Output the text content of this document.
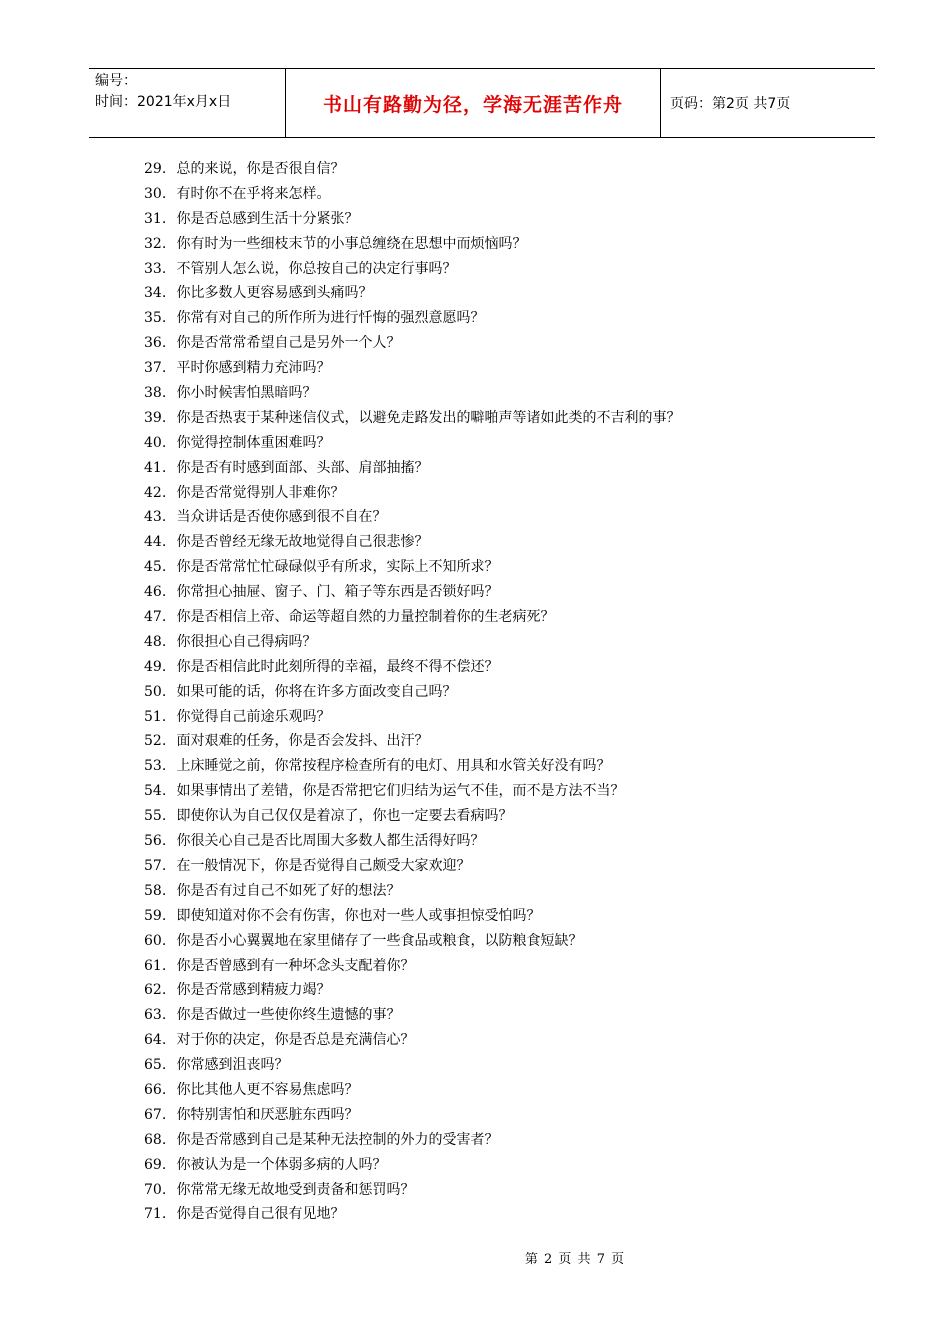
编号：
时间：2021年x月x日	书山有路勤为径，学海无涯苦作舟	页码：第2页 共7页
29. 总的来说，你是否很自信？
30. 有时你不在乎将来怎样。
31. 你是否总感到生活十分紧张？
32. 你有时为一些细枝末节的小事总缠绕在思想中而烦恼吗？
33. 不管别人怎么说，你总按自己的决定行事吗？
34. 你比多数人更容易感到头痛吗？
35. 你常有对自己的所作所为进行忏悔的强烈意愿吗？
36. 你是否常常希望自己是另外一个人？
37. 平时你感到精力充沛吗？
38. 你小时候害怕黑暗吗？
39. 你是否热衷于某种迷信仪式，以避免走路发出的噼啪声等诸如此类的不吉利的事？
40. 你觉得控制体重困难吗？
41. 你是否有时感到面部、头部、肩部抽搐？
42. 你是否常觉得别人非难你？
43. 当众讲话是否使你感到很不自在？
44. 你是否曾经无缘无故地觉得自己很悲惨？
45. 你是否常常忙忙碌碌似乎有所求，实际上不知所求？
46. 你常担心抽屉、窗子、门、箱子等东西是否锁好吗？
47. 你是否相信上帝、命运等超自然的力量控制着你的生老病死？
48. 你很担心自己得病吗？
49. 你是否相信此时此刻所得的幸福，最终不得不偿还？
50. 如果可能的话，你将在许多方面改变自己吗？
51. 你觉得自己前途乐观吗？
52. 面对艰难的任务，你是否会发抖、出汗？
53. 上床睡觉之前，你常按程序检查所有的电灯、用具和水管关好没有吗？
54. 如果事情出了差错，你是否常把它们归结为运气不佳，而不是方法不当？
55. 即使你认为自己仅仅是着凉了，你也一定要去看病吗？
56. 你很关心自己是否比周围大多数人都生活得好吗？
57. 在一般情况下，你是否觉得自己颇受大家欢迎？
58. 你是否有过自己不如死了好的想法？
59. 即使知道对你不会有伤害，你也对一些人或事担惊受怕吗？
60. 你是否小心翼翼地在家里储存了一些食品或粮食，以防粮食短缺？
61. 你是否曾感到有一种坏念头支配着你？
62. 你是否常感到精疲力竭？
63. 你是否做过一些使你终生遗憾的事？
64. 对于你的决定，你是否总是充满信心？
65. 你常感到沮丧吗？
66. 你比其他人更不容易焦虑吗？
67. 你特别害怕和厌恶脏东西吗？
68. 你是否常感到自己是某种无法控制的外力的受害者？
69. 你被认为是一个体弱多病的人吗？
70. 你常常无缘无故地受到责备和惩罚吗？
71. 你是否觉得自己很有见地？
第 2 页 共 7 页
